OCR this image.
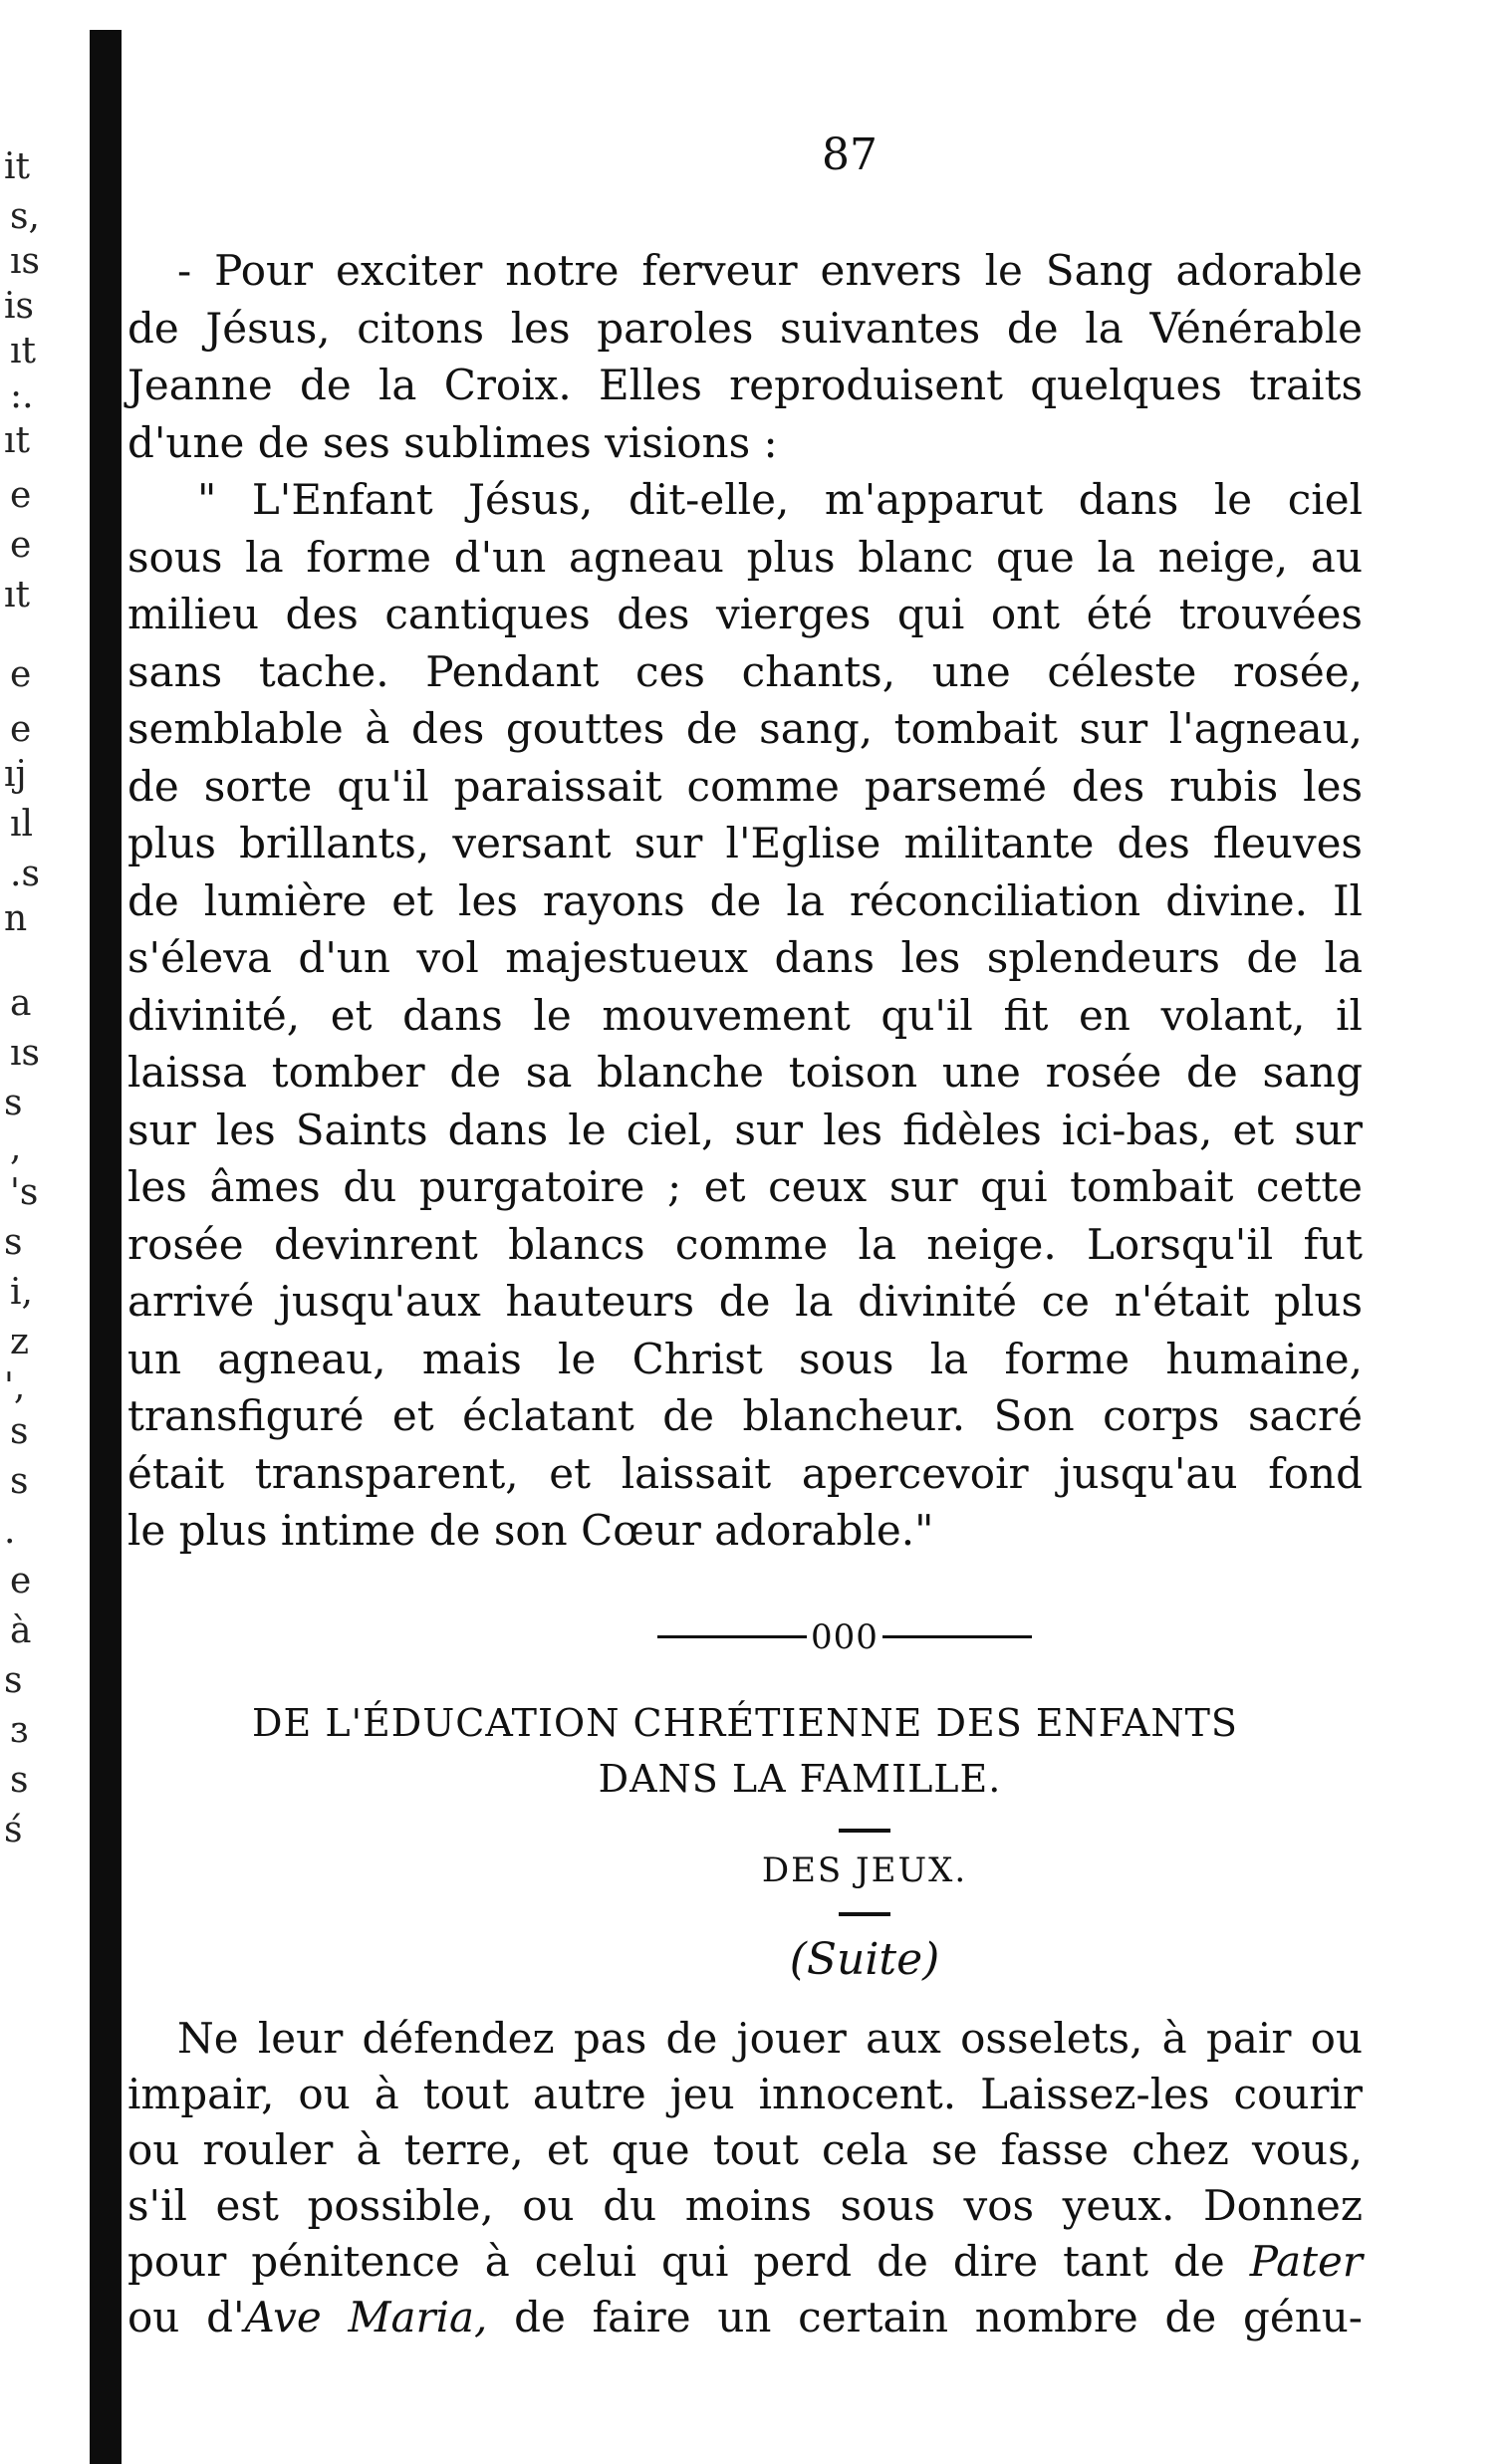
it
s,
ıs
is
ıt
:.
ıt
e
e
ıt
e
e
ıj
ıl
.s
n
a
ıs
s
,
's
s
i,
z
',
s
s
.
e
à
s
ɜ
s
ś
87
- Pour exciter notre ferveur envers le Sang adorable
de Jésus, citons les paroles suivantes de la Vénérable
Jeanne de la Croix. Elles reproduisent quelques traits
d'une de ses sublimes visions :
" L'Enfant Jésus, dit-elle, m'apparut dans le ciel
sous la forme d'un agneau plus blanc que la neige, au
milieu des cantiques des vierges qui ont été trouvées
sans tache. Pendant ces chants, une céleste rosée,
semblable à des gouttes de sang, tombait sur l'agneau,
de sorte qu'il paraissait comme parsemé des rubis les
plus brillants, versant sur l'Eglise militante des fleuves
de lumière et les rayons de la réconciliation divine. Il
s'éleva d'un vol majestueux dans les splendeurs de la
divinité, et dans le mouvement qu'il fit en volant, il
laissa tomber de sa blanche toison une rosée de sang
sur les Saints dans le ciel, sur les fidèles ici-bas, et sur
les âmes du purgatoire ; et ceux sur qui tombait cette
rosée devinrent blancs comme la neige. Lorsqu'il fut
arrivé jusqu'aux hauteurs de la divinité ce n'était plus
un agneau, mais le Christ sous la forme humaine,
transfiguré et éclatant de blancheur. Son corps sacré
était transparent, et laissait apercevoir jusqu'au fond
le plus intime de son Cœur adorable."
000
DE L'ÉDUCATION CHRÉTIENNE DES ENFANTS
DANS LA FAMILLE.
DES JEUX.
(Suite)
Ne leur défendez pas de jouer aux osselets, à pair ou
impair, ou à tout autre jeu innocent. Laissez-les courir
ou rouler à terre, et que tout cela se fasse chez vous,
s'il est possible, ou du moins sous vos yeux. Donnez
pour pénitence à celui qui perd de dire tant de Pater
ou d'Ave Maria, de faire un certain nombre de génu-
